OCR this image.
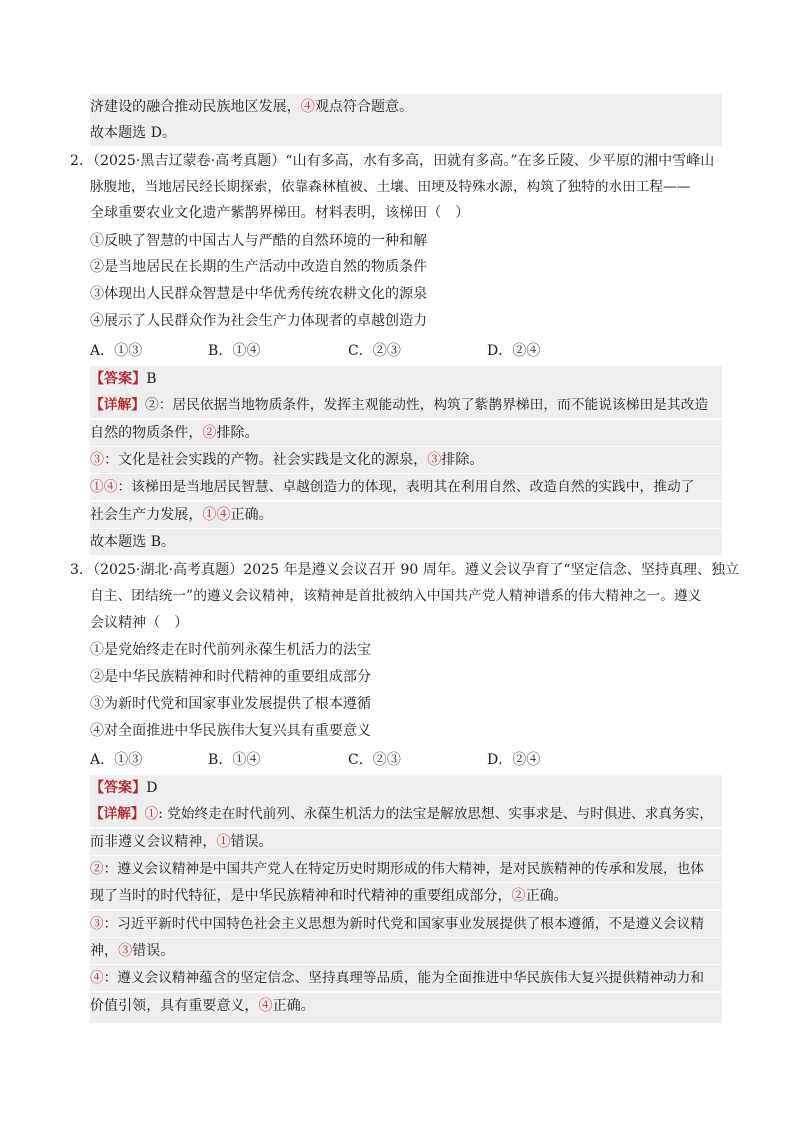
济建设的融合推动民族地区发展，④观点符合题意。
故本题选 D。
2．（2025·黑吉辽蒙卷·高考真题）“山有多高，水有多高，田就有多高。”在多丘陵、少平原的湘中雪峰山
脉腹地，当地居民经长期探索，依靠森林植被、土壤、田埂及特殊水源，构筑了独特的水田工程——
全球重要农业文化遗产紫鹊界梯田。材料表明，该梯田（　）
①反映了智慧的中国古人与严酷的自然环境的一种和解
②是当地居民在长期的生产活动中改造自然的物质条件
③体现出人民群众智慧是中华优秀传统农耕文化的源泉
④展示了人民群众作为社会生产力体现者的卓越创造力
A．①③	B．①④	C．②③	D．②④
【答案】B
【详解】②：居民依据当地物质条件，发挥主观能动性，构筑了紫鹊界梯田，而不能说该梯田是其改造
自然的物质条件，②排除。
③：文化是社会实践的产物。社会实践是文化的源泉，③排除。
①④：该梯田是当地居民智慧、卓越创造力的体现，表明其在利用自然、改造自然的实践中，推动了
社会生产力发展，①④正确。
故本题选 B。
3．（2025·湖北·高考真题）2025 年是遵义会议召开 90 周年。遵义会议孕育了“坚定信念、坚持真理、独立
自主、团结统一”的遵义会议精神，该精神是首批被纳入中国共产党人精神谱系的伟大精神之一。遵义
会议精神（　）
①是党始终走在时代前列永葆生机活力的法宝
②是中华民族精神和时代精神的重要组成部分
③为新时代党和国家事业发展提供了根本遵循
④对全面推进中华民族伟大复兴具有重要意义
A．①③	B．①④	C．②③	D．②④
【答案】D
【详解】①: 党始终走在时代前列、永葆生机活力的法宝是解放思想、实事求是、与时俱进、求真务实，
而非遵义会议精神，①错误。
②：遵义会议精神是中国共产党人在特定历史时期形成的伟大精神，是对民族精神的传承和发展，也体
现了当时的时代特征，是中华民族精神和时代精神的重要组成部分，②正确。
③：习近平新时代中国特色社会主义思想为新时代党和国家事业发展提供了根本遵循，不是遵义会议精
神，③错误。
④：遵义会议精神蕴含的坚定信念、坚持真理等品质，能为全面推进中华民族伟大复兴提供精神动力和
价值引领，具有重要意义，④正确。
